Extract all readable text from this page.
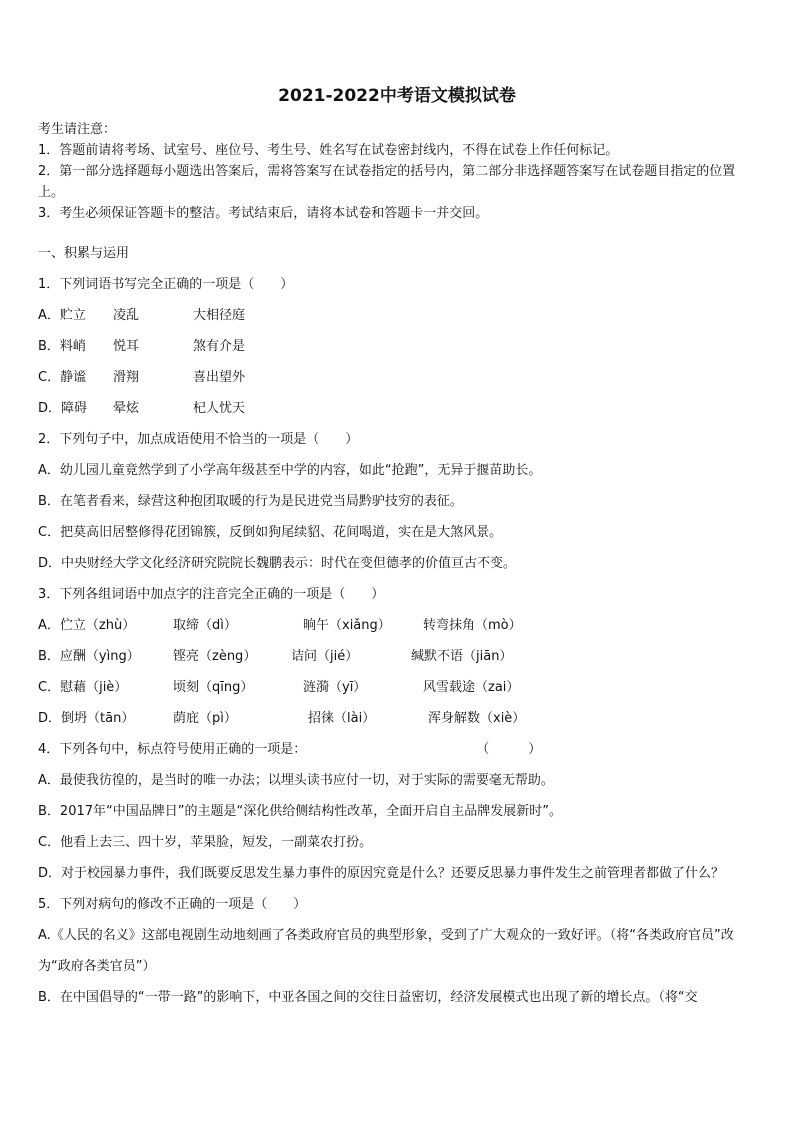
2021-2022中考语文模拟试卷
考生请注意：
1．答题前请将考场、试室号、座位号、考生号、姓名写在试卷密封线内，不得在试卷上作任何标记。
2．第一部分选择题每小题选出答案后，需将答案写在试卷指定的括号内，第二部分非选择题答案写在试卷题目指定的位置上。
3．考生必须保证答题卡的整洁。考试结束后，请将本试卷和答题卡一并交回。
一、积累与运用
1．下列词语书写完全正确的一项是（　　）
A．贮立 凌乱	大相径庭
B．料峭 悦耳	煞有介是
C．静谧 滑翔	喜出望外
D．障碍 晕炫	杞人忧天
2．下列句子中，加点成语使用不恰当的一项是（　　）
A．幼儿园儿童竟然学到了小学高年级甚至中学的内容，如此“抢跑”，无异于揠苗助长。
B．在笔者看来，绿营这种抱团取暖的行为是民进党当局黔驴技穷的表征。
C．把莫高旧居整修得花团锦簇，反倒如狗尾续貂、花间喝道，实在是大煞风景。
D．中央财经大学文化经济研究院院长魏鹏表示：时代在变但德孝的价值亘古不变。
3．下列各组词语中加点字的注音完全正确的一项是（　　）
A．伫立（zhù）	取缔（dì）	晌午（xiǎng） 转弯抹角（mò）
B．应酬（yìng）	铿亮（zèng）	诘问（jié）	缄默不语（jiān）
C．慰藉（jiè）	顷刻（qīng）	涟漪（yī）	风雪载途（zai）
D．倒坍（tān）	荫庇（pì）	招徕（lài）	浑身解数（xiè）
4．下列各句中，标点符号使用正确的一项是：	（　　　）
A．最使我彷徨的，是当时的唯一办法；以埋头读书应付一切，对于实际的需要毫无帮助。
B．2017年“中国品牌日”的主题是“深化供给侧结构性改革，全面开启自主品牌发展新时”。
C．他看上去三、四十岁，苹果脸，短发，一副菜农打扮。
D．对于校园暴力事件，我们既要反思发生暴力事件的原因究竟是什么？还要反思暴力事件发生之前管理者都做了什么？
5．下列对病句的修改不正确的一项是（　　）
A.《人民的名义》这部电视剧生动地刻画了各类政府官员的典型形象，受到了广大观众的一致好评。（将“各类政府官员”改为“政府各类官员”）
B．在中国倡导的“一带一路”的影响下，中亚各国之间的交往日益密切，经济发展模式也出现了新的增长点。（将“交
